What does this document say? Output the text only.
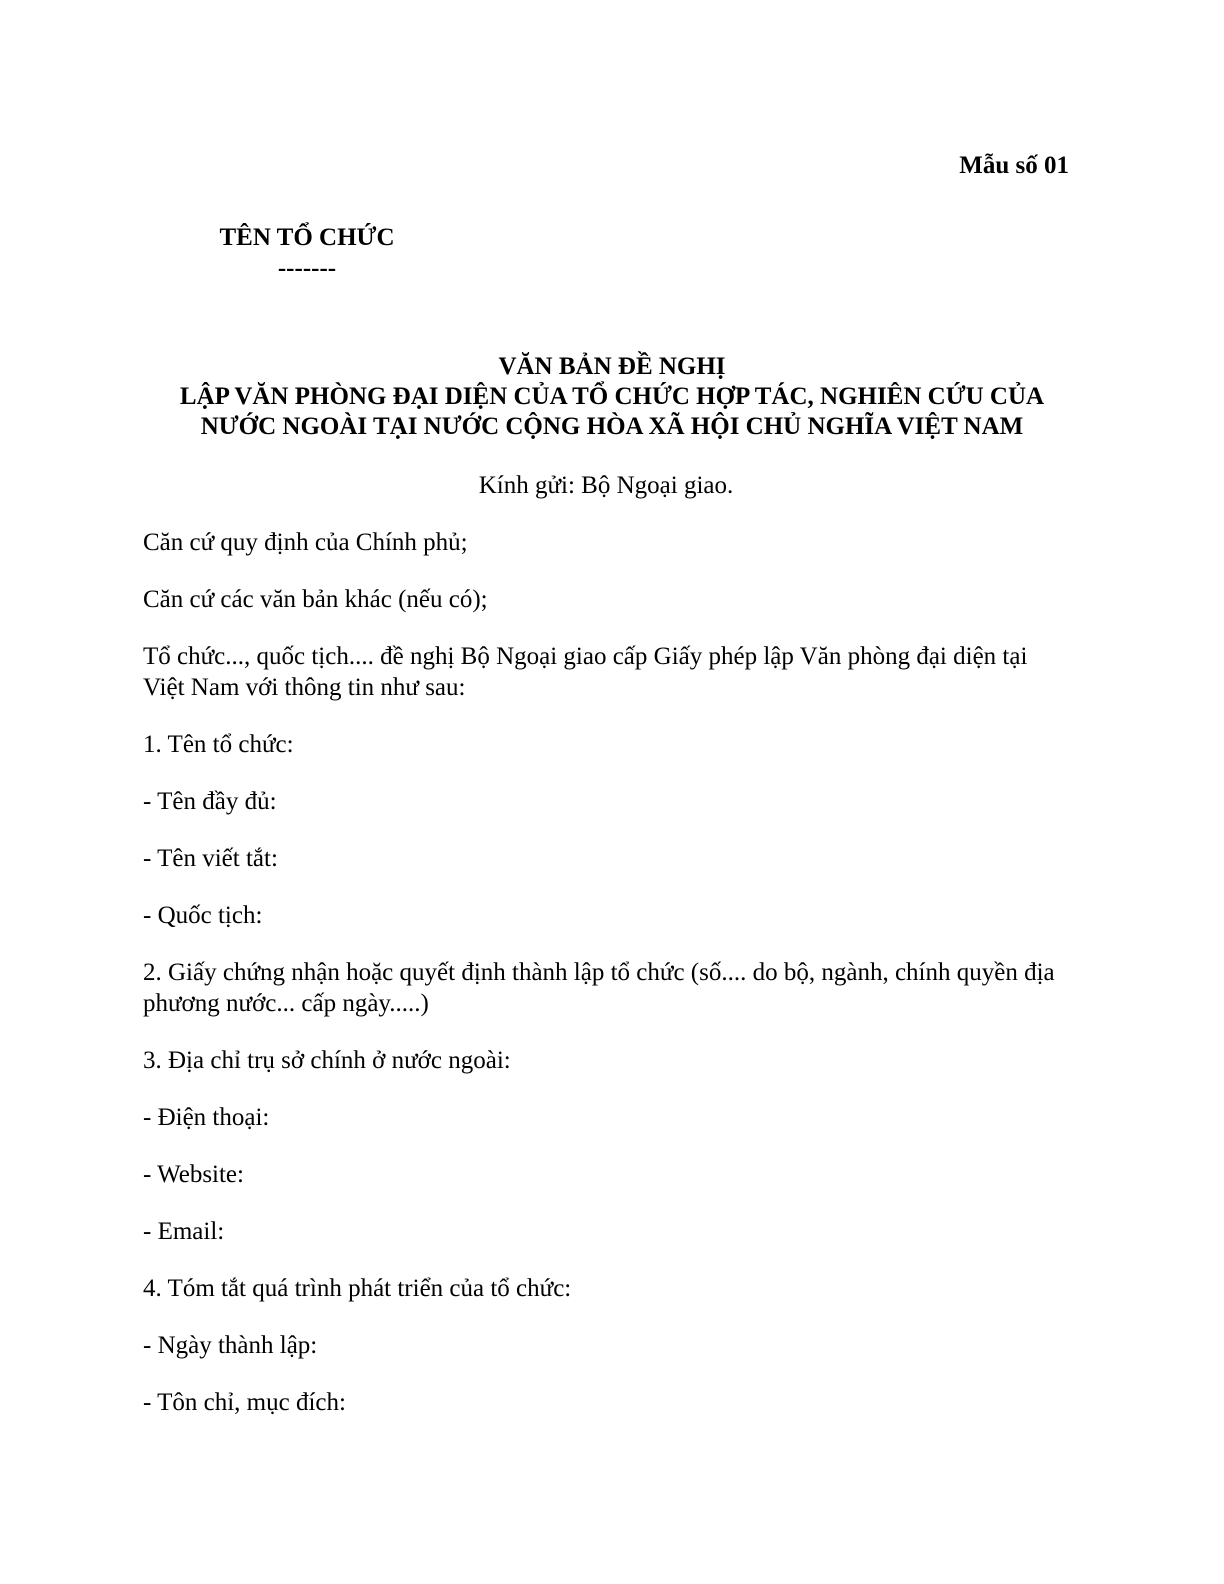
Mẫu số 01
TÊN TỔ CHỨC
-------
VĂN BẢN ĐỀ NGHỊ
LẬP VĂN PHÒNG ĐẠI DIỆN CỦA TỔ CHỨC HỢP TÁC, NGHIÊN CỨU CỦA
NƯỚC NGOÀI TẠI NƯỚC CỘNG HÒA XÃ HỘI CHỦ NGHĨA VIỆT NAM
Kính gửi: Bộ Ngoại giao.

Căn cứ quy định của Chính phủ;

Căn cứ các văn bản khác (nếu có);

Tổ chức..., quốc tịch.... đề nghị Bộ Ngoại giao cấp Giấy phép lập Văn phòng đại diện tại Việt Nam với thông tin như sau:

1. Tên tổ chức:

- Tên đầy đủ:

- Tên viết tắt:

- Quốc tịch:

2. Giấy chứng nhận hoặc quyết định thành lập tổ chức (số.... do bộ, ngành, chính quyền địa phương nước... cấp ngày.....)

3. Địa chỉ trụ sở chính ở nước ngoài:

- Điện thoại:

- Website:

- Email:

4. Tóm tắt quá trình phát triển của tổ chức:

- Ngày thành lập:

- Tôn chỉ, mục đích:
